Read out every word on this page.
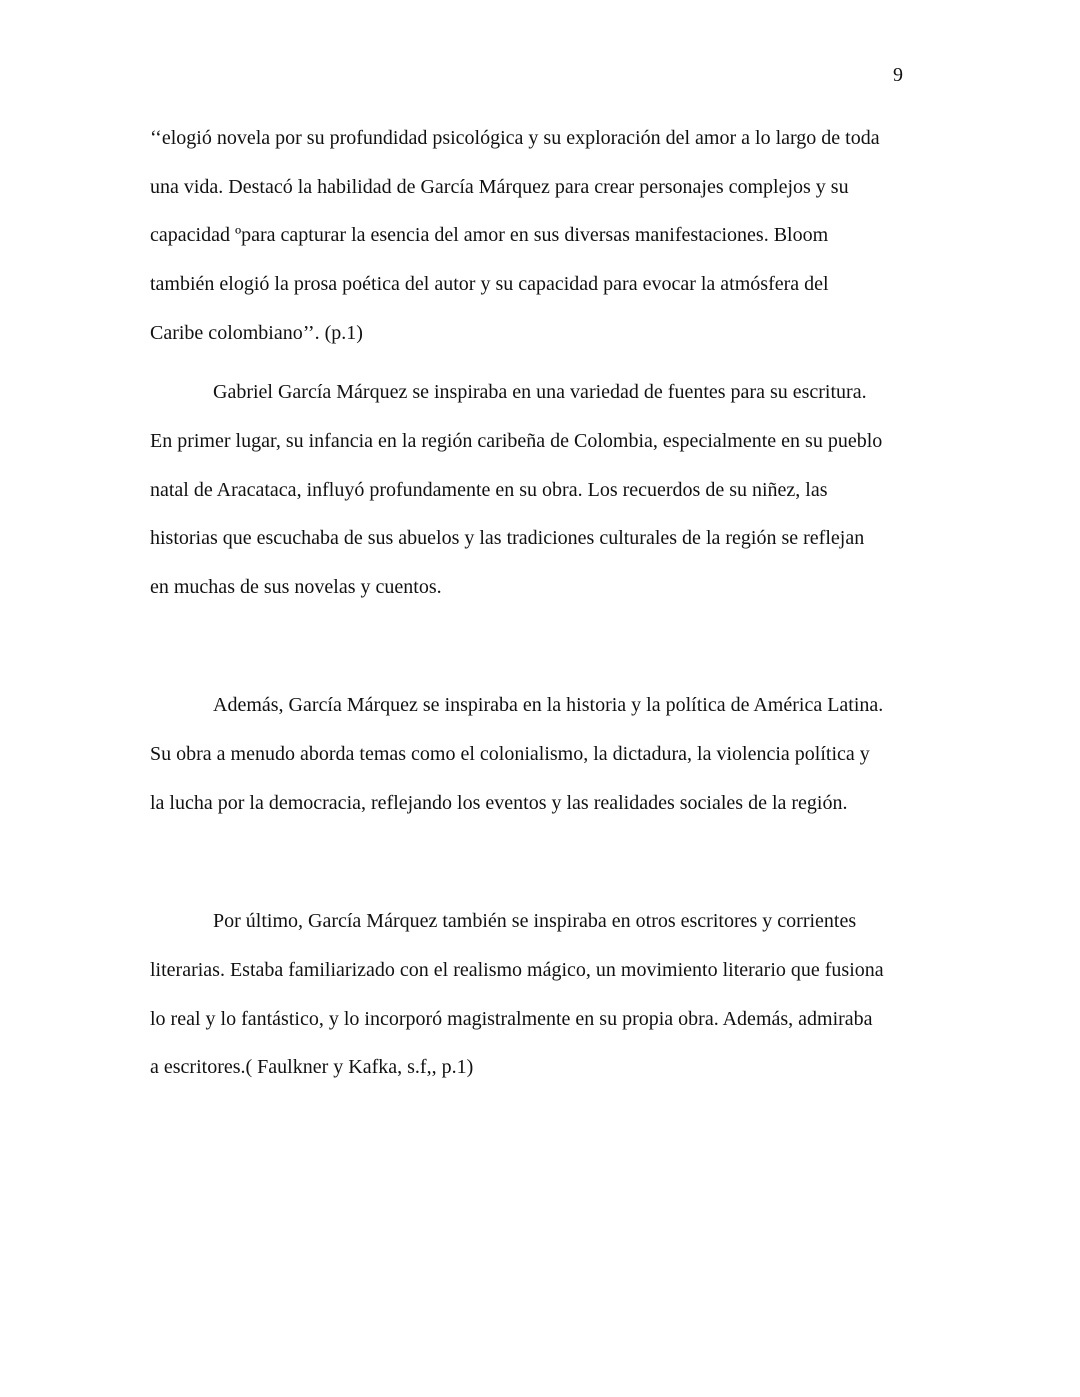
9
‘‘elogió novela por su profundidad psicológica y su exploración del amor a lo largo de toda
una vida. Destacó la habilidad de García Márquez para crear personajes complejos y su
capacidad ºpara capturar la esencia del amor en sus diversas manifestaciones. Bloom
también elogió la prosa poética del autor y su capacidad para evocar la atmósfera del
Caribe colombiano’’. (p.1)
Gabriel García Márquez se inspiraba en una variedad de fuentes para su escritura.
En primer lugar, su infancia en la región caribeña de Colombia, especialmente en su pueblo
natal de Aracataca, influyó profundamente en su obra. Los recuerdos de su niñez, las
historias que escuchaba de sus abuelos y las tradiciones culturales de la región se reflejan
en muchas de sus novelas y cuentos.
Además, García Márquez se inspiraba en la historia y la política de América Latina.
Su obra a menudo aborda temas como el colonialismo, la dictadura, la violencia política y
la lucha por la democracia, reflejando los eventos y las realidades sociales de la región.
Por último, García Márquez también se inspiraba en otros escritores y corrientes
literarias. Estaba familiarizado con el realismo mágico, un movimiento literario que fusiona
lo real y lo fantástico, y lo incorporó magistralmente en su propia obra. Además, admiraba
a escritores.( Faulkner y Kafka, s.f,, p.1)
